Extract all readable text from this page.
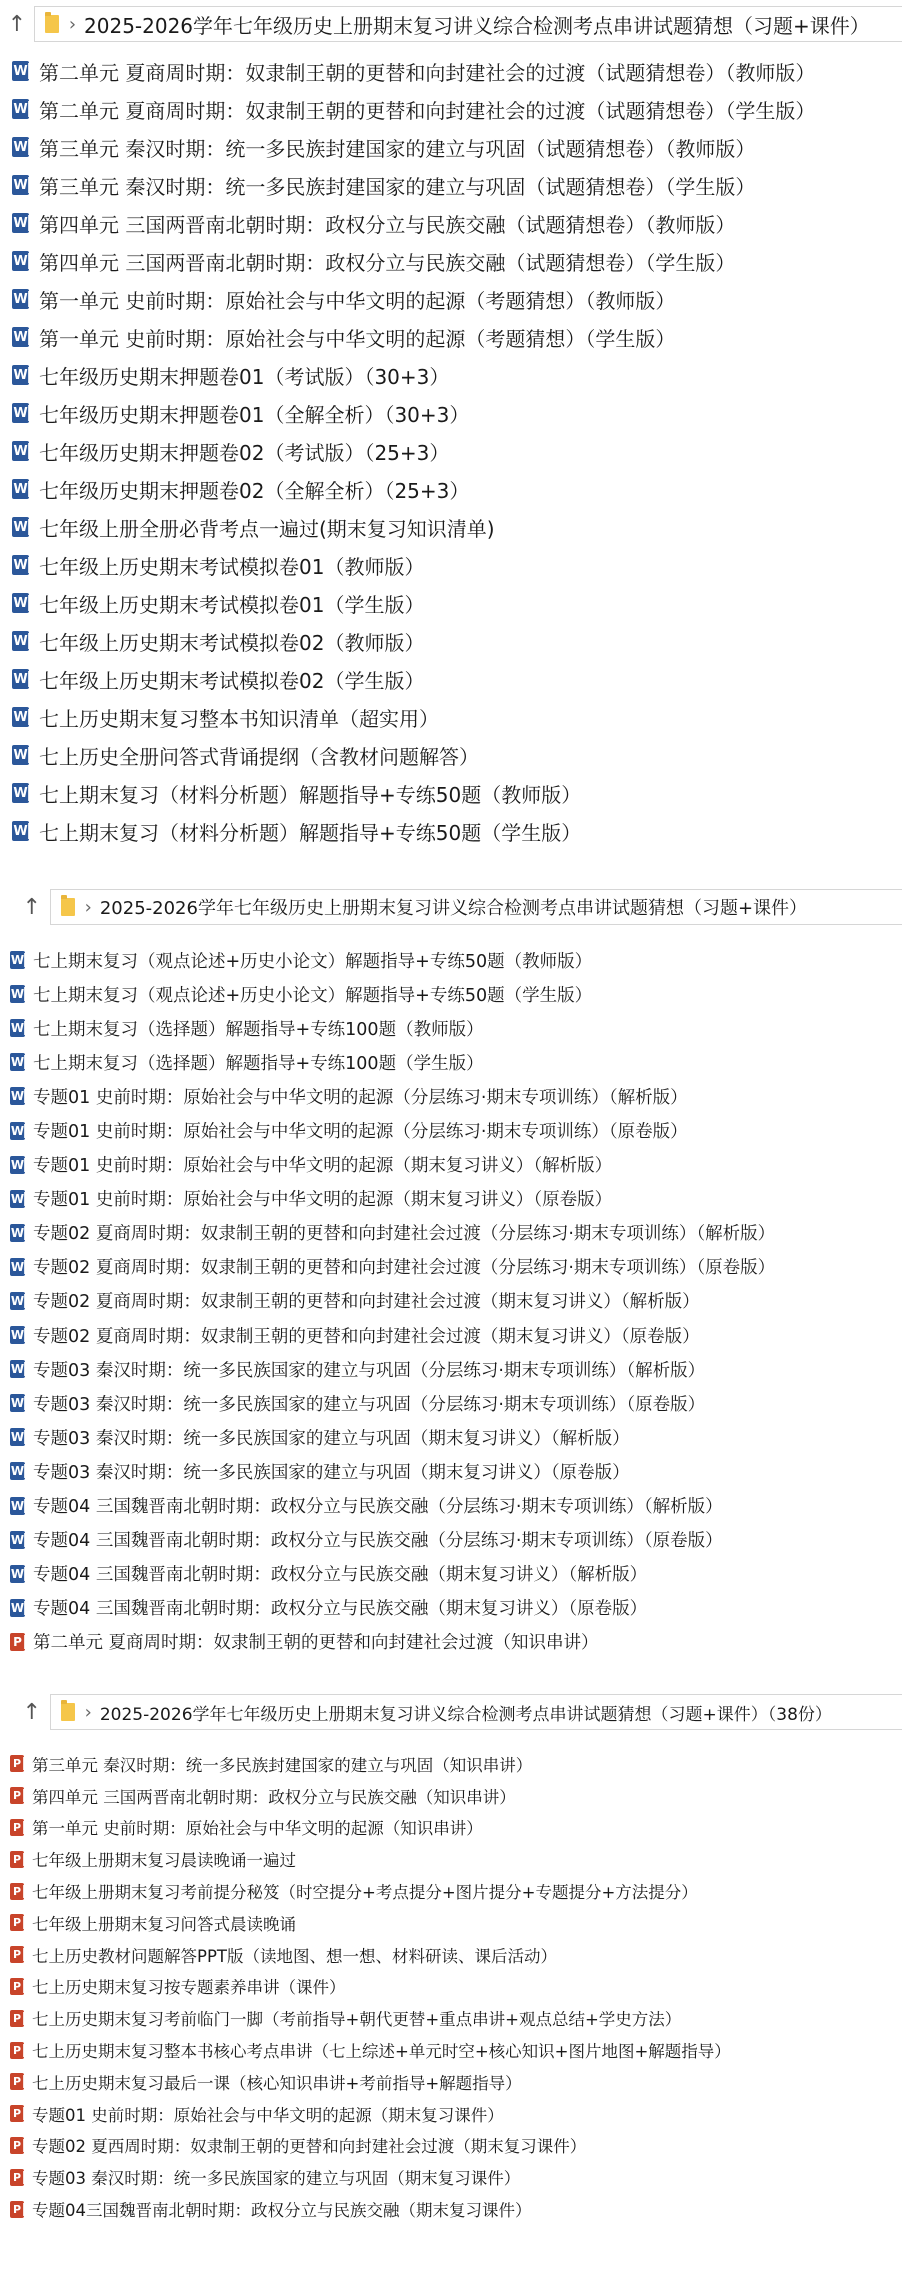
↑	› 2025-2026学年七年级历史上册期末复习讲义综合检测考点串讲试题猜想（习题+课件）
W 第二单元 夏商周时期：奴隶制王朝的更替和向封建社会的过渡（试题猜想卷）（教师版）
W 第二单元 夏商周时期：奴隶制王朝的更替和向封建社会的过渡（试题猜想卷）（学生版）
W 第三单元 秦汉时期：统一多民族封建国家的建立与巩固（试题猜想卷）（教师版）
W 第三单元 秦汉时期：统一多民族封建国家的建立与巩固（试题猜想卷）（学生版）
W 第四单元 三国两晋南北朝时期：政权分立与民族交融（试题猜想卷）（教师版）
W 第四单元 三国两晋南北朝时期：政权分立与民族交融（试题猜想卷）（学生版）
W 第一单元 史前时期：原始社会与中华文明的起源（考题猜想）（教师版）
W 第一单元 史前时期：原始社会与中华文明的起源（考题猜想）（学生版）
W 七年级历史期末押题卷01（考试版）（30+3）
W 七年级历史期末押题卷01（全解全析）（30+3）
W 七年级历史期末押题卷02（考试版）（25+3）
W 七年级历史期末押题卷02（全解全析）（25+3）
W 七年级上册全册必背考点一遍过(期末复习知识清单)
W 七年级上历史期末考试模拟卷01（教师版）
W 七年级上历史期末考试模拟卷01（学生版）
W 七年级上历史期末考试模拟卷02（教师版）
W 七年级上历史期末考试模拟卷02（学生版）
W 七上历史期末复习整本书知识清单（超实用）
W 七上历史全册问答式背诵提纲（含教材问题解答）
W 七上期末复习（材料分析题）解题指导+专练50题（教师版）
W 七上期末复习（材料分析题）解题指导+专练50题（学生版）
↑	› 2025-2026学年七年级历史上册期末复习讲义综合检测考点串讲试题猜想（习题+课件）
W 七上期末复习（观点论述+历史小论文）解题指导+专练50题（教师版）
W 七上期末复习（观点论述+历史小论文）解题指导+专练50题（学生版）
W 七上期末复习（选择题）解题指导+专练100题（教师版）
W 七上期末复习（选择题）解题指导+专练100题（学生版）
W 专题01 史前时期：原始社会与中华文明的起源（分层练习·期末专项训练）（解析版）
W 专题01 史前时期：原始社会与中华文明的起源（分层练习·期末专项训练）（原卷版）
W 专题01 史前时期：原始社会与中华文明的起源（期末复习讲义）（解析版）
W 专题01 史前时期：原始社会与中华文明的起源（期末复习讲义）（原卷版）
W 专题02 夏商周时期：奴隶制王朝的更替和向封建社会过渡（分层练习·期末专项训练）（解析版）
W 专题02 夏商周时期：奴隶制王朝的更替和向封建社会过渡（分层练习·期末专项训练）（原卷版）
W 专题02 夏商周时期：奴隶制王朝的更替和向封建社会过渡（期末复习讲义）（解析版）
W 专题02 夏商周时期：奴隶制王朝的更替和向封建社会过渡（期末复习讲义）（原卷版）
W 专题03 秦汉时期：统一多民族国家的建立与巩固（分层练习·期末专项训练）（解析版）
W 专题03 秦汉时期：统一多民族国家的建立与巩固（分层练习·期末专项训练）（原卷版）
W 专题03 秦汉时期：统一多民族国家的建立与巩固（期末复习讲义）（解析版）
W 专题03 秦汉时期：统一多民族国家的建立与巩固（期末复习讲义）（原卷版）
W 专题04 三国魏晋南北朝时期：政权分立与民族交融（分层练习·期末专项训练）（解析版）
W 专题04 三国魏晋南北朝时期：政权分立与民族交融（分层练习·期末专项训练）（原卷版）
W 专题04 三国魏晋南北朝时期：政权分立与民族交融（期末复习讲义）（解析版）
W 专题04 三国魏晋南北朝时期：政权分立与民族交融（期末复习讲义）（原卷版）
P 第二单元 夏商周时期：奴隶制王朝的更替和向封建社会过渡（知识串讲）
↑	› 2025-2026学年七年级历史上册期末复习讲义综合检测考点串讲试题猜想（习题+课件）（38份）
P 第三单元 秦汉时期：统一多民族封建国家的建立与巩固（知识串讲）
P 第四单元 三国两晋南北朝时期：政权分立与民族交融（知识串讲）
P 第一单元 史前时期：原始社会与中华文明的起源（知识串讲）
P 七年级上册期末复习晨读晚诵一遍过
P 七年级上册期末复习考前提分秘笈（时空提分+考点提分+图片提分+专题提分+方法提分）
P 七年级上册期末复习问答式晨读晚诵
P 七上历史教材问题解答PPT版（读地图、想一想、材料研读、课后活动）
P 七上历史期末复习按专题素养串讲（课件）
P 七上历史期末复习考前临门一脚（考前指导+朝代更替+重点串讲+观点总结+学史方法）
P 七上历史期末复习整本书核心考点串讲（七上综述+单元时空+核心知识+图片地图+解题指导）
P 七上历史期末复习最后一课（核心知识串讲+考前指导+解题指导）
P 专题01 史前时期：原始社会与中华文明的起源（期末复习课件）
P 专题02 夏西周时期：奴隶制王朝的更替和向封建社会过渡（期末复习课件）
P 专题03 秦汉时期：统一多民族国家的建立与巩固（期末复习课件）
P 专题04三国魏晋南北朝时期：政权分立与民族交融（期末复习课件）
